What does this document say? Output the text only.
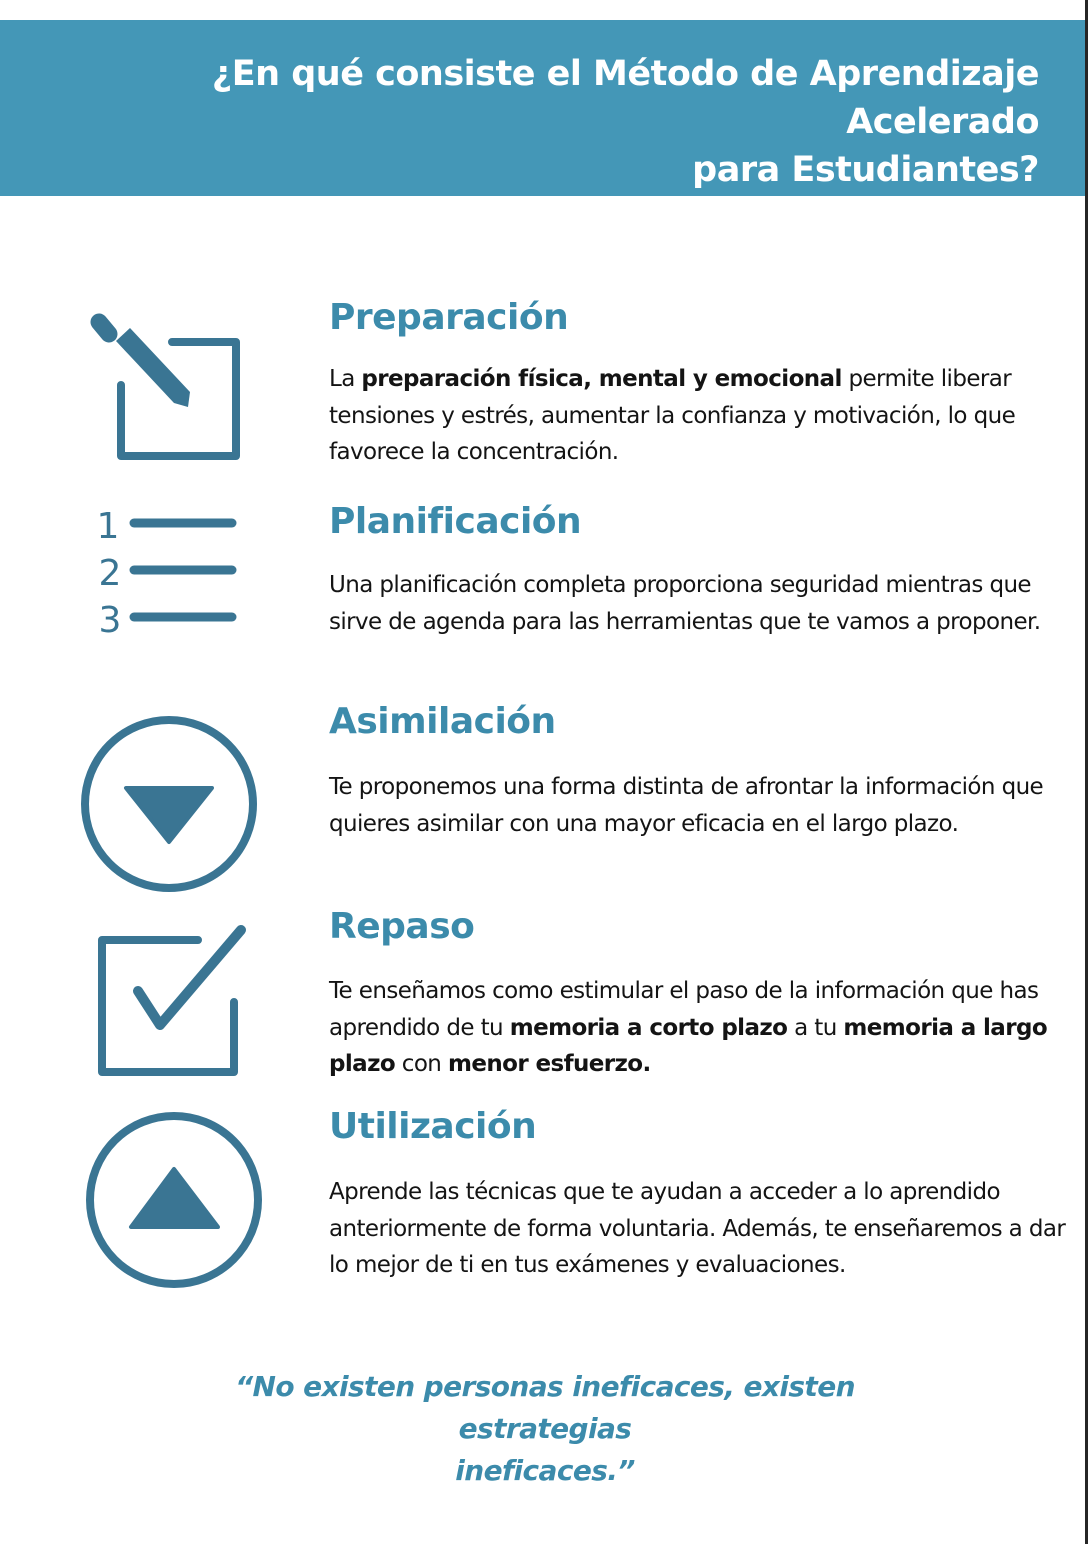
¿En qué consiste el Método de Aprendizaje Acelerado
para Estudiantes?
1
2
3
Preparación

La preparación física, mental y emocional permite liberar tensiones y estrés, aumentar la confianza y motivación, lo que favorece la concentración.

Planificación

Una planificación completa proporciona seguridad mientras que sirve de agenda para las herramientas que te vamos a proponer.

Asimilación

Te proponemos una forma distinta de afrontar la información que quieres asimilar con una mayor eficacia en el largo plazo.

Repaso

Te enseñamos como estimular el paso de la información que has aprendido de tu memoria a corto plazo a tu memoria a largo plazo con menor esfuerzo.

Utilización

Aprende las técnicas que te ayudan a acceder a lo aprendido anteriormente de forma voluntaria. Además, te enseñaremos a dar lo mejor de ti en tus exámenes y evaluaciones.

“No existen personas ineficaces, existen estrategias
ineficaces.”
